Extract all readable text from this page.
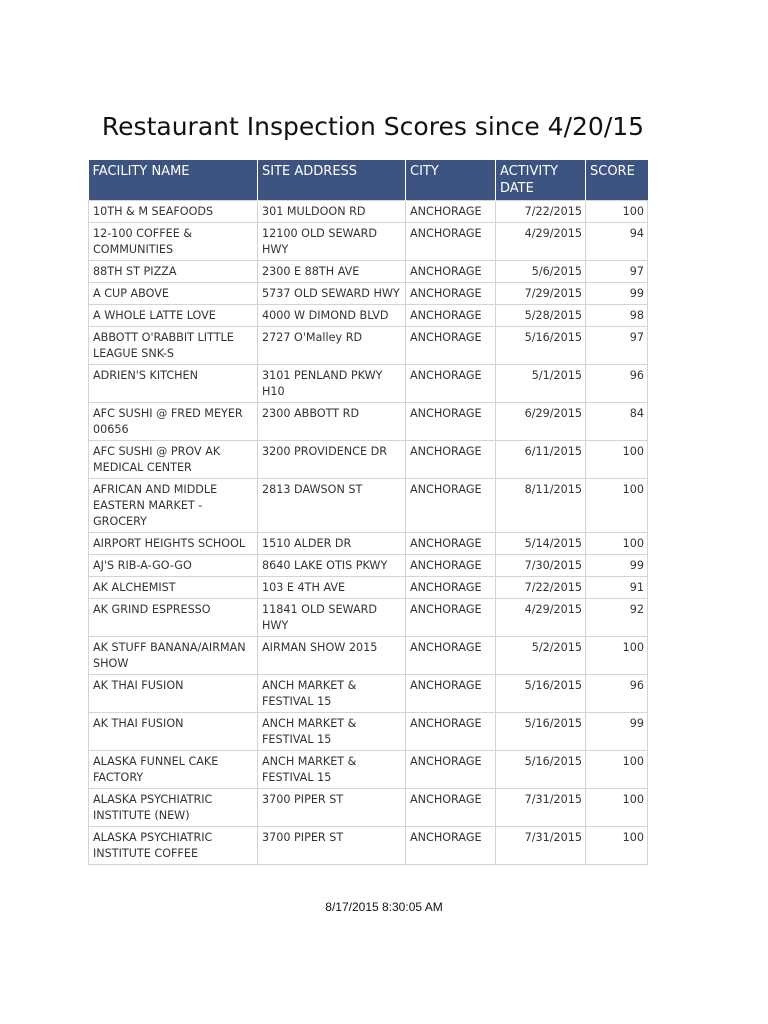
Restaurant Inspection Scores since 4/20/15
FACILITY NAME	SITE ADDRESS	CITY	ACTIVITY DATE	SCORE
10TH & M SEAFOODS	301 MULDOON RD	ANCHORAGE	7/22/2015	100
12-100 COFFEE & COMMUNITIES	12100 OLD SEWARD HWY	ANCHORAGE	4/29/2015	94
88TH ST PIZZA	2300 E 88TH AVE	ANCHORAGE	5/6/2015	97
A CUP ABOVE	5737 OLD SEWARD HWY	ANCHORAGE	7/29/2015	99
A WHOLE LATTE LOVE	4000 W DIMOND BLVD	ANCHORAGE	5/28/2015	98
ABBOTT O'RABBIT LITTLE LEAGUE SNK-S	2727 O'Malley RD	ANCHORAGE	5/16/2015	97
ADRIEN'S KITCHEN	3101 PENLAND PKWY H10	ANCHORAGE	5/1/2015	96
AFC SUSHI @ FRED MEYER 00656	2300 ABBOTT RD	ANCHORAGE	6/29/2015	84
AFC SUSHI @ PROV AK MEDICAL CENTER	3200 PROVIDENCE DR	ANCHORAGE	6/11/2015	100
AFRICAN AND MIDDLE EASTERN MARKET - GROCERY	2813 DAWSON ST	ANCHORAGE	8/11/2015	100
AIRPORT HEIGHTS SCHOOL	1510 ALDER DR	ANCHORAGE	5/14/2015	100
AJ'S RIB-A-GO-GO	8640 LAKE OTIS PKWY	ANCHORAGE	7/30/2015	99
AK ALCHEMIST	103 E 4TH AVE	ANCHORAGE	7/22/2015	91
AK GRIND ESPRESSO	11841 OLD SEWARD HWY	ANCHORAGE	4/29/2015	92
AK STUFF BANANA/AIRMAN SHOW	AIRMAN SHOW 2015	ANCHORAGE	5/2/2015	100
AK THAI FUSION	ANCH MARKET & FESTIVAL 15	ANCHORAGE	5/16/2015	96
AK THAI FUSION	ANCH MARKET & FESTIVAL 15	ANCHORAGE	5/16/2015	99
ALASKA FUNNEL CAKE FACTORY	ANCH MARKET & FESTIVAL 15	ANCHORAGE	5/16/2015	100
ALASKA PSYCHIATRIC INSTITUTE (NEW)	3700 PIPER ST	ANCHORAGE	7/31/2015	100
ALASKA PSYCHIATRIC INSTITUTE COFFEE	3700 PIPER ST	ANCHORAGE	7/31/2015	100
8/17/2015 8:30:05 AM
